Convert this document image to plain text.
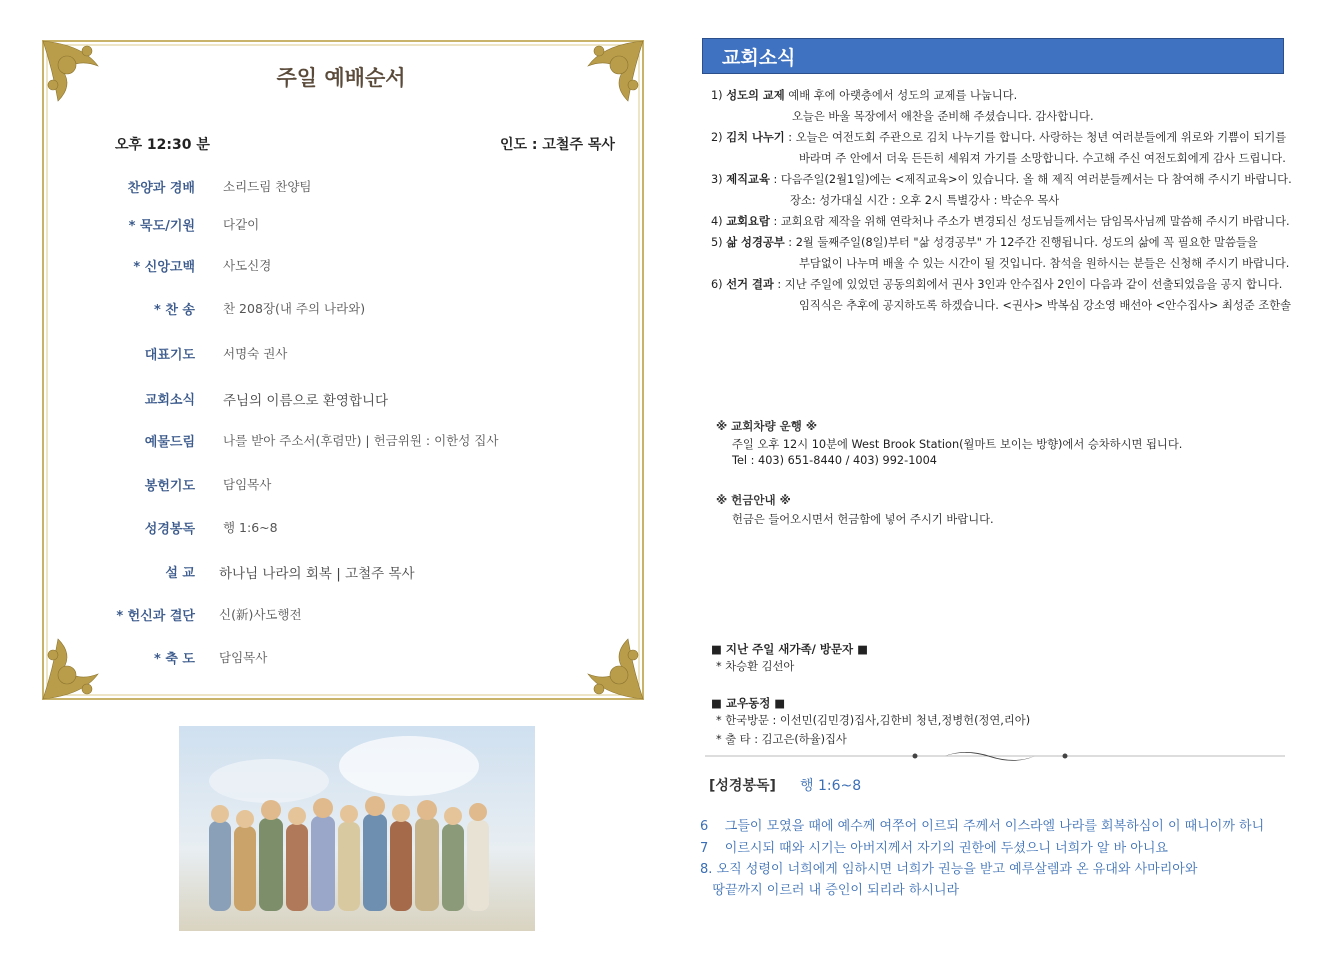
주일 예배순서
오후 12:30 분	인도 : 고철주 목사
찬양과 경배 소리드림 찬양팀
* 묵도/기원 다같이
* 신앙고백 사도신경
* 찬 송 찬 208장(내 주의 나라와)
대표기도 서명숙 권사
교회소식 주님의 이름으로 환영합니다
예물드림 나를 받아 주소서(후렴만) | 헌금위원 : 이한성 집사
봉헌기도 담임목사
성경봉독 행 1:6~8
설 교 하나님 나라의 회복 | 고철주 목사
* 헌신과 결단 신(新)사도행전
* 축 도 담임목사
교회소식
1) 성도의 교제 예배 후에 아랫층에서 성도의 교제를 나눕니다.
오늘은 바울 목장에서 애찬을 준비해 주셨습니다. 감사합니다.
2) 김치 나누기 : 오늘은 여전도회 주관으로 김치 나누기를 합니다. 사랑하는 청년 여러분들에게 위로와 기쁨이 되기를
바라며 주 안에서 더욱 든든히 세워져 가기를 소망합니다. 수고해 주신 여전도회에게 감사 드립니다.
3) 제직교육 : 다음주일(2월1일)에는 <제직교육>이 있습니다. 올 해 제직 여러분들께서는 다 참여해 주시기 바랍니다.
장소: 성가대실 시간 : 오후 2시 특별강사 : 박순우 목사
4) 교회요람 : 교회요람 제작을 위해 연락처나 주소가 변경되신 성도님들께서는 담임목사님께 말씀해 주시기 바랍니다.
5) 삶 성경공부 : 2월 둘째주일(8일)부터 "삶 성경공부" 가 12주간 진행됩니다. 성도의 삶에 꼭 필요한 말씀들을
부담없이 나누며 배울 수 있는 시간이 될 것입니다. 참석을 원하시는 분들은 신청해 주시기 바랍니다.
6) 선거 결과 : 지난 주일에 있었던 공동의회에서 권사 3인과 안수집사 2인이 다음과 같이 선출되었음을 공지 합니다.
임직식은 추후에 공지하도록 하겠습니다. <권사> 박복심 강소영 배선아 <안수집사> 최성준 조한솔
※ 교회차량 운행 ※
주일 오후 12시 10분에 West Brook Station(월마트 보이는 방향)에서 승차하시면 됩니다.
Tel : 403) 651-8440 / 403) 992-1004
※ 헌금안내 ※
헌금은 들어오시면서 헌금함에 넣어 주시기 바랍니다.
■ 지난 주일 새가족/ 방문자 ■
* 차승환 김선아
■ 교우동정 ■
* 한국방문 : 이선민(김민경)집사,김한비 청년,정병헌(정연,리아)
* 출 타 : 김고은(하율)집사
[성경봉독] 행 1:6~8
6    그들이 모였을 때에 예수께 여쭈어 이르되 주께서 이스라엘 나라를 회복하심이 이 때니이까 하니
7    이르시되 때와 시기는 아버지께서 자기의 권한에 두셨으니 너희가 알 바 아니요
8. 오직 성령이 너희에게 임하시면 너희가 권능을 받고 예루살렘과 온 유대와 사마리아와
땅끝까지 이르러 내 증인이 되리라 하시니라
